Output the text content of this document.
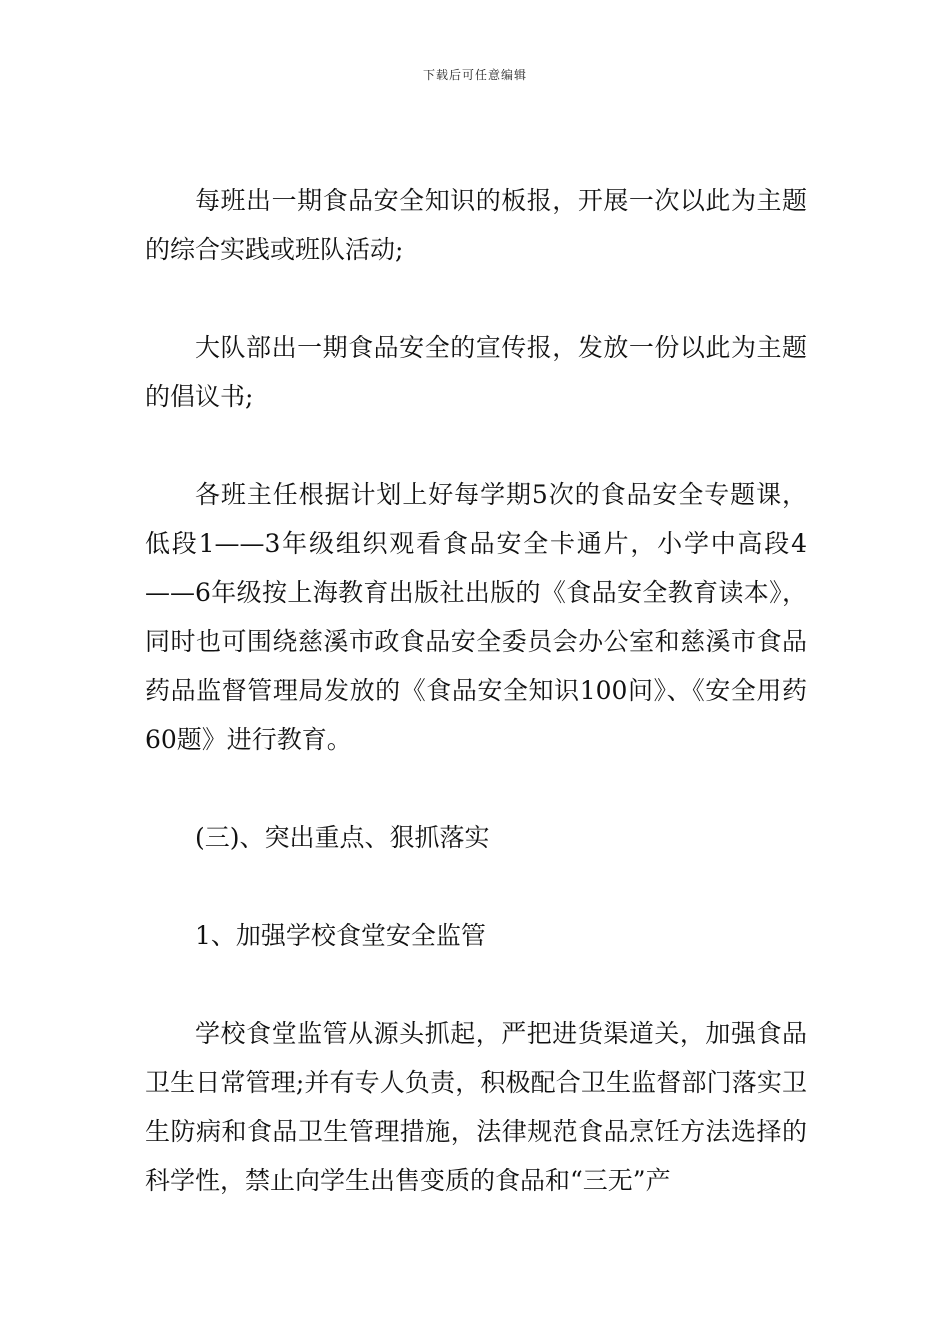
下载后可任意编辑

每班出一期食品安全知识的板报，开展一次以此为主题的综合实践或班队活动;

大队部出一期食品安全的宣传报，发放一份以此为主题的倡议书;

各班主任根据计划上好每学期5次的食品安全专题课，低段1——3年级组织观看食品安全卡通片，小学中高段4——6年级按上海教育出版社出版的《食品安全教育读本》，同时也可围绕慈溪市政食品安全委员会办公室和慈溪市食品药品监督管理局发放的《食品安全知识100问》、《安全用药60题》进行教育。

(三)、突出重点、狠抓落实

1、加强学校食堂安全监管

学校食堂监管从源头抓起，严把进货渠道关，加强食品卫生日常管理;并有专人负责，积极配合卫生监督部门落实卫生防病和食品卫生管理措施，法律规范食品烹饪方法选择的科学性，禁止向学生出售变质的食品和“三无”产
